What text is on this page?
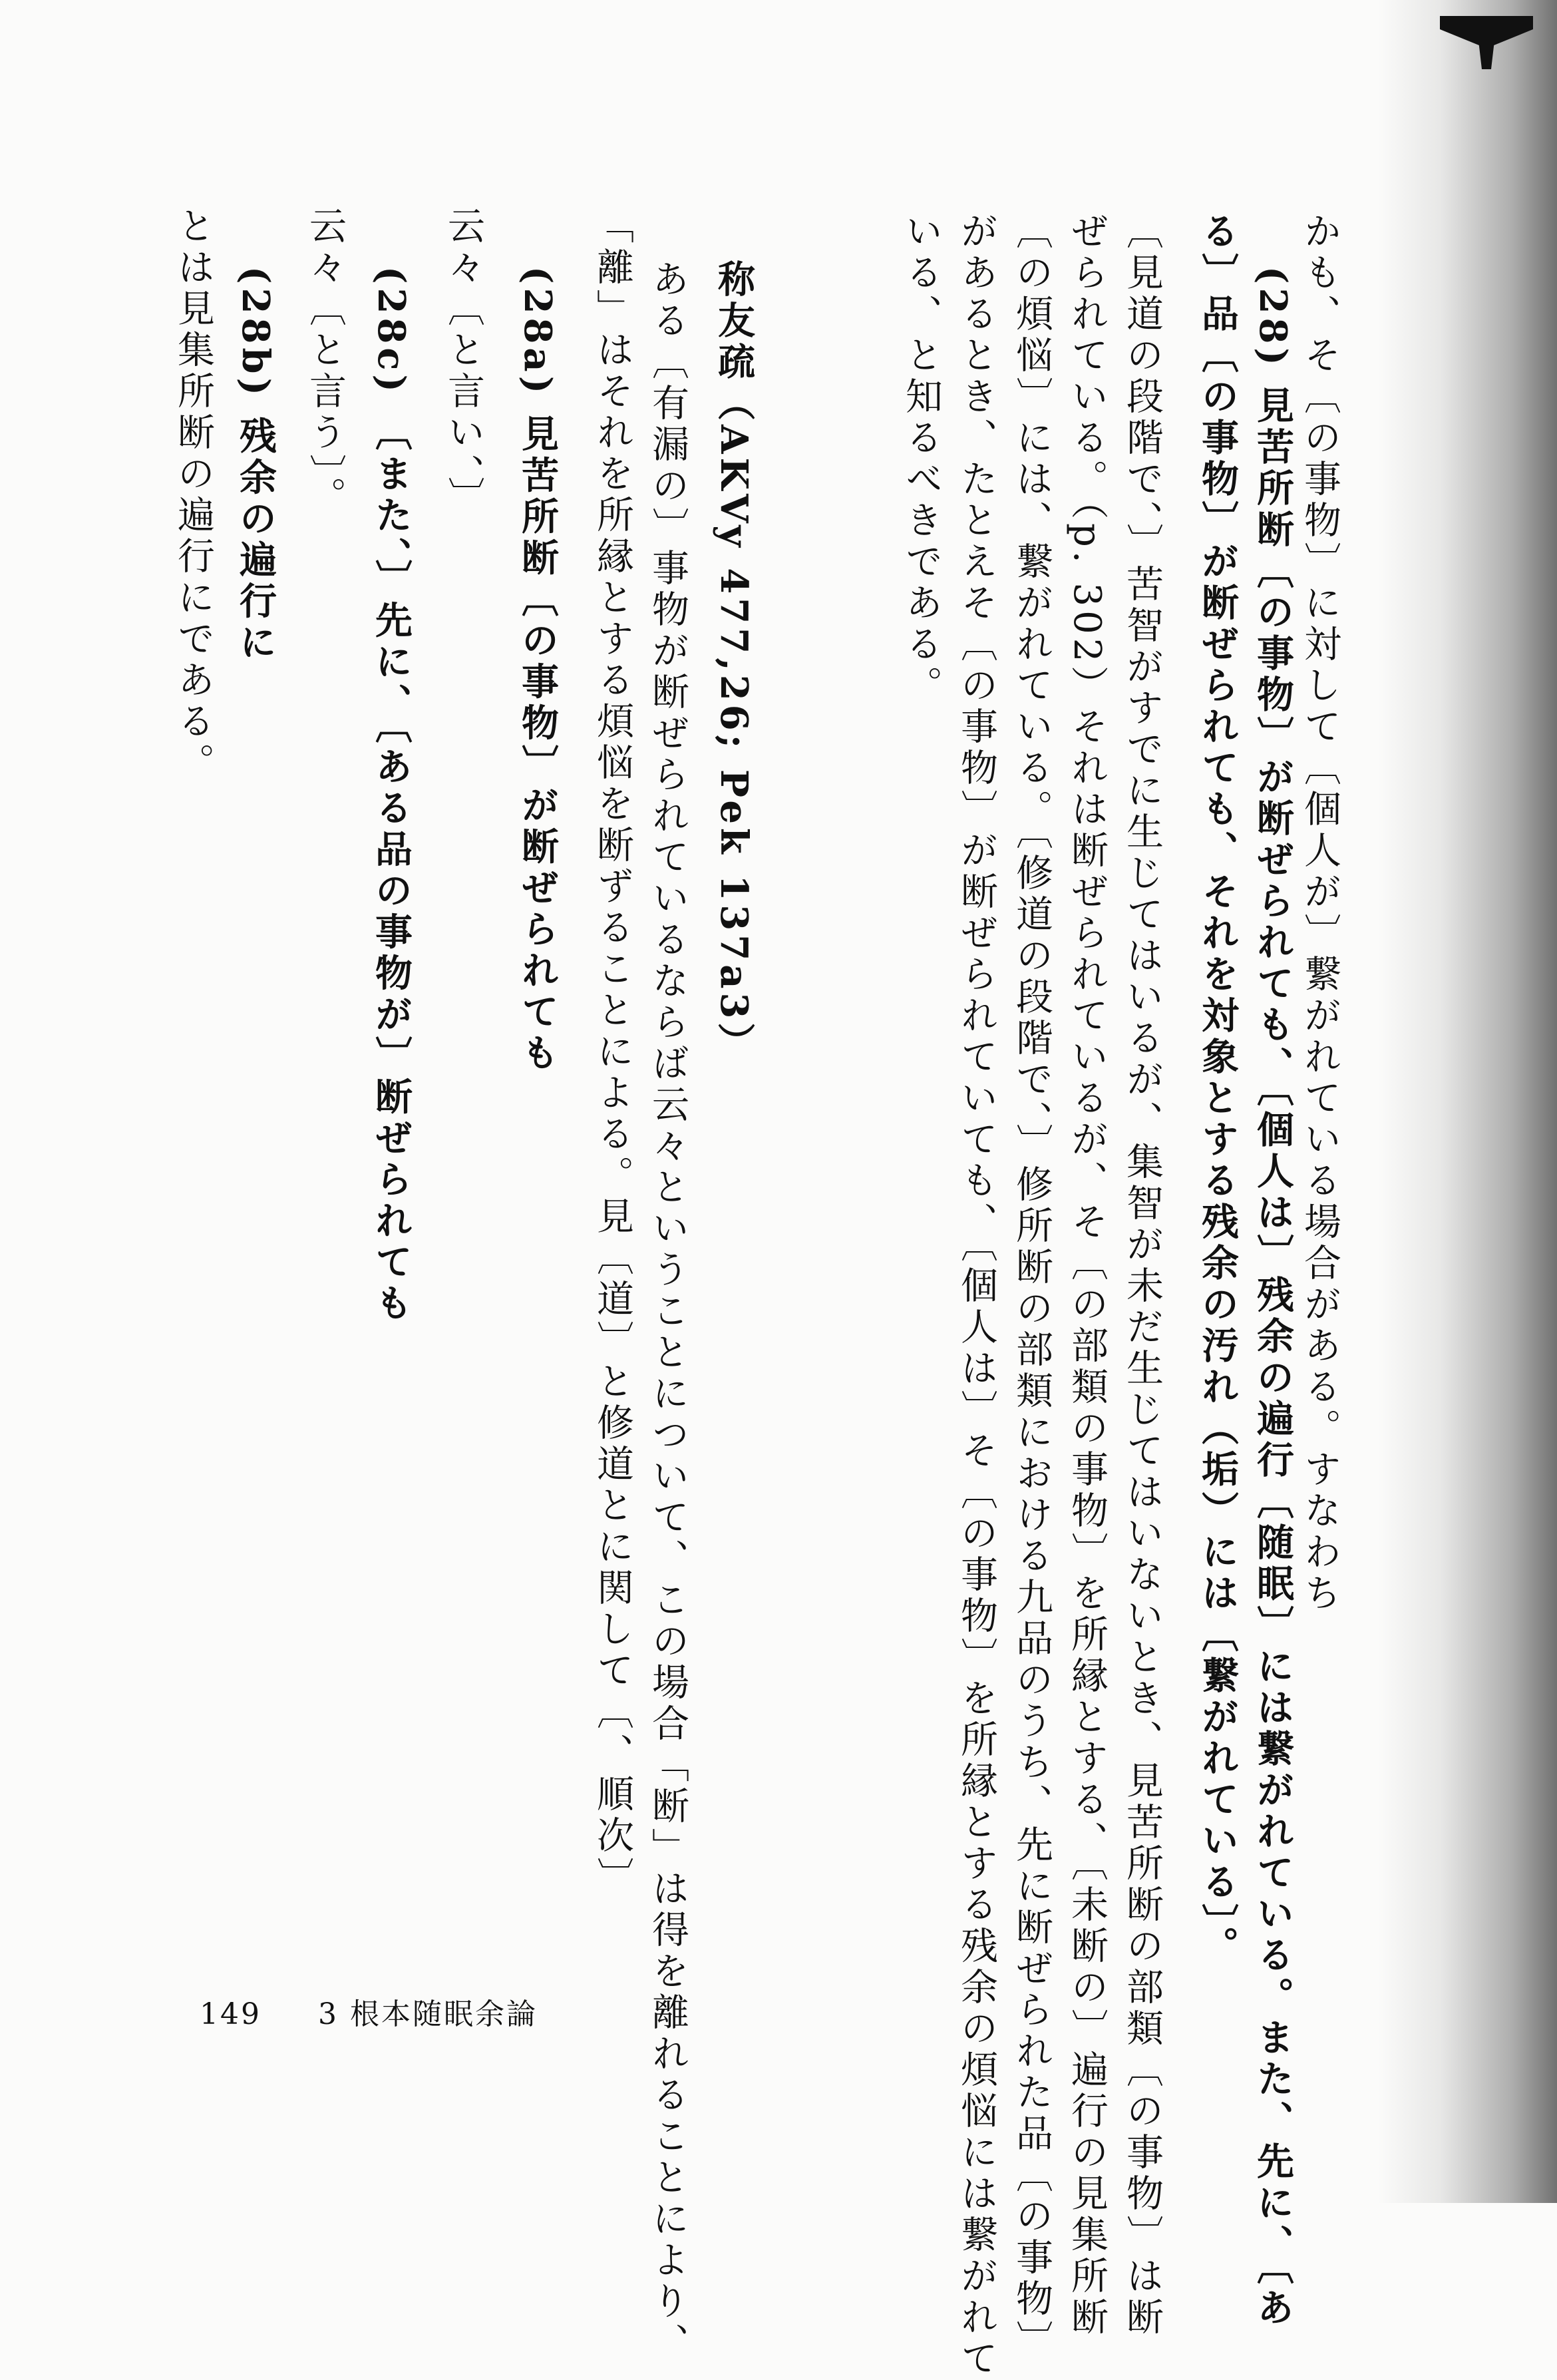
かも、そ〔の事物〕に対して〔個人が〕繋がれている場合がある。すなわち
(28) 見苦所断〔の事物〕が断ぜられても、〔個人は〕残余の遍行〔随眠〕には繋がれている。また、先に、〔あ
る〕品〔の事物〕が断ぜられても、それを対象とする残余の汚れ（垢）には〔繋がれている〕。
〔見道の段階で、〕苦智がすでに生じてはいるが、集智が未だ生じてはいないとき、見苦所断の部類〔の事物〕は断
ぜられている。（p. 302）それは断ぜられているが、そ〔の部類の事物〕を所縁とする、〔未断の〕遍行の見集所断
〔の煩悩〕には、繋がれている。〔修道の段階で、〕修所断の部類における九品のうち、先に断ぜられた品〔の事物〕
があるとき、たとえそ〔の事物〕が断ぜられていても、〔個人は〕そ〔の事物〕を所縁とする残余の煩悩には繋がれて
いる、と知るべきである。
称友疏（AKVy 477,26; Pek 137a3）
ある〔有漏の〕事物が断ぜられているならば云々ということについて、この場合「断」は得を離れることにより、
「離」はそれを所縁とする煩悩を断ずることによる。見〔道〕と修道とに関して〔、順次〕
(28a) 見苦所断〔の事物〕が断ぜられても
云々〔と言い、〕
(28c) 〔また、〕先に、〔ある品の事物が〕断ぜられても
云々〔と言う〕。
(28b) 残余の遍行に
とは見集所断の遍行にである。
149 3 根本随眠余論
